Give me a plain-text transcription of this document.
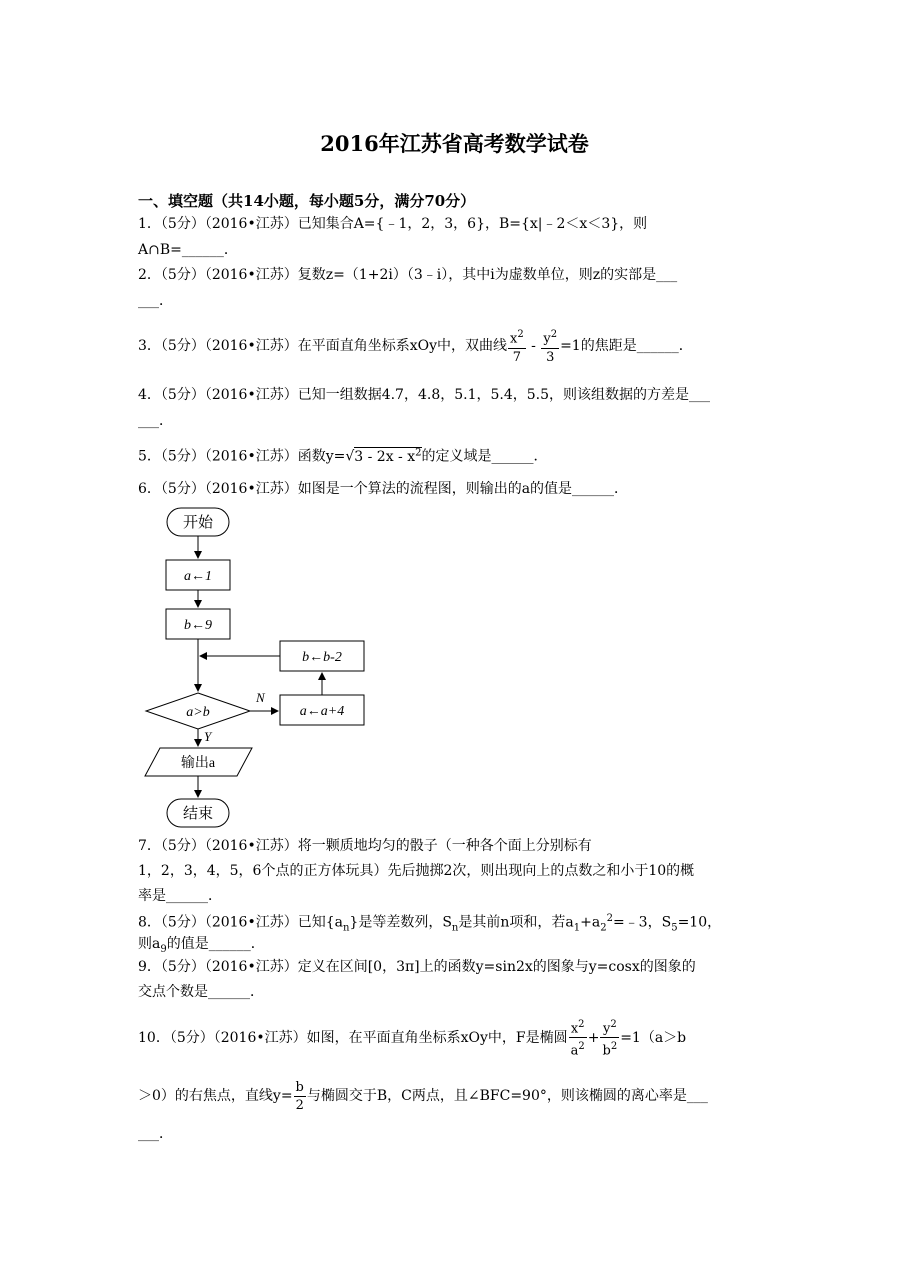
2016年江苏省高考数学试卷
一、填空题（共14小题，每小题5分，满分70分）
1．（5分）（2016•江苏）已知集合A={﹣1，2，3，6}，B={x|﹣2＜x＜3}，则
A∩B=______．
2．（5分）（2016•江苏）复数z=（1+2i）（3﹣i），其中i为虚数单位，则z的实部是___
___．
3．（5分）（2016•江苏）在平面直角坐标系xOy中，双曲线 $\frac{x^2}{7} - \frac{y^2}{3} =1$的焦距是______．
4．（5分）（2016•江苏）已知一组数据4.7，4.8，5.1，5.4，5.5，则该组数据的方差是___
___．
5．（5分）（2016•江苏）函数$y=√3 - 2x - x^2$的定义域是______．
6．（5分）（2016•江苏）如图是一个算法的流程图，则输出的a的值是______．
开始
a←1
b←9
a>b
N
a←a+4
b←b-2
Y
输出a
结束
7．（5分）（2016•江苏）将一颗质地均匀的骰子（一种各个面上分别标有
1，2，3，4，5，6个点的正方体玩具）先后抛掷2次，则出现向上的点数之和小于10的概
率是______．
8．（5分）（2016•江苏）已知$\{a_n\}$是等差数列，$S_n$是其前n项和，若$a_1+a_2^2=﹣3$，$S_5=10$，
则$a_9$的值是______．
9．（5分）（2016•江苏）定义在区间[0，3π]上的函数y=sin2x的图象与y=cosx的图象的
交点个数是______．
10．（5分）（2016•江苏）如图，在平面直角坐标系xOy中，F是椭圆 $\frac{x^2}{a^2} + \frac{y^2}{b^2} =1(a>b$
＞0）的右焦点，直线$y= \frac{b}{2}$ 与椭圆交于B，C两点，且∠BFC=90°，则该椭圆的离心率是___
___．
